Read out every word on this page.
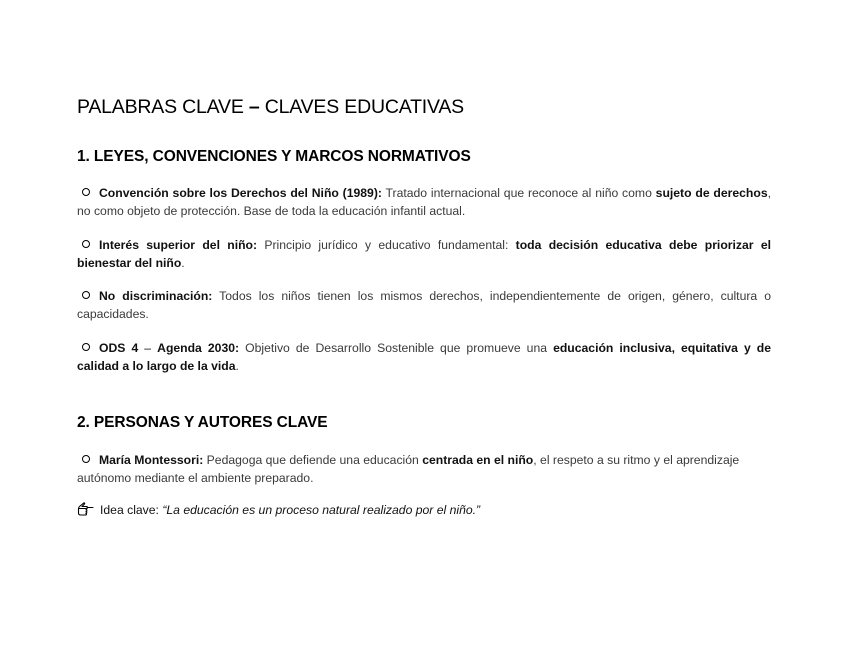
PALABRAS CLAVE – CLAVES EDUCATIVAS
1. LEYES, CONVENCIONES Y MARCOS NORMATIVOS

Convención sobre los Derechos del Niño (1989): Tratado internacional que reconoce al niño como sujeto de derechos, no como objeto de protección. Base de toda la educación infantil actual.

Interés superior del niño: Principio jurídico y educativo fundamental: toda decisión educativa debe priorizar el bienestar del niño.

No discriminación: Todos los niños tienen los mismos derechos, independientemente de origen, género, cultura o capacidades.

ODS 4 – Agenda 2030: Objetivo de Desarrollo Sostenible que promueve una educación inclusiva, equitativa y de calidad a lo largo de la vida.

2. PERSONAS Y AUTORES CLAVE

María Montessori: Pedagoga que defiende una educación centrada en el niño, el respeto a su ritmo y el aprendizaje autónomo mediante el ambiente preparado.

Idea clave: “La educación es un proceso natural realizado por el niño.”
